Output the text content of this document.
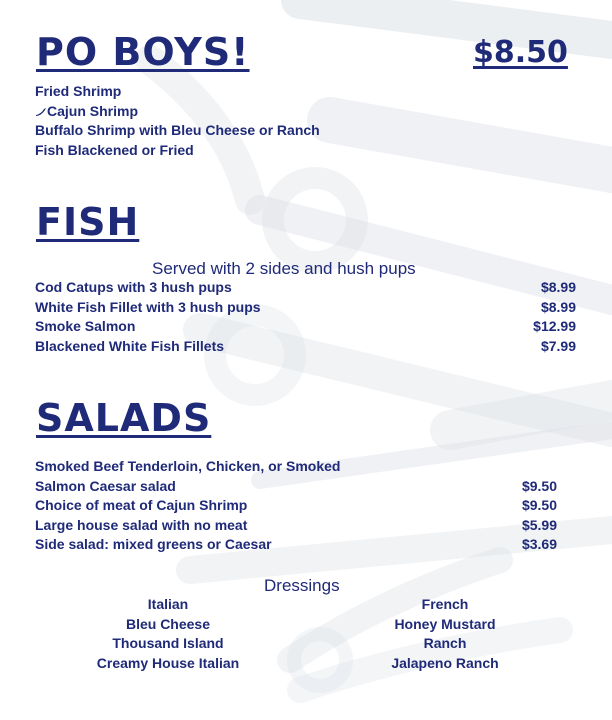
PO BOYS!	$8.50
Fried Shrimp
Cajun Shrimp
Buffalo Shrimp with Bleu Cheese or Ranch
Fish Blackened or Fried
FISH
Served with 2 sides and hush pups
Cod Catups with 3 hush pups	$8.99
White Fish Fillet with 3 hush pups	$8.99
Smoke Salmon	$12.99
Blackened White Fish Fillets	$7.99
SALADS
Smoked Beef Tenderloin, Chicken, or Smoked
Salmon Caesar salad	$9.50
Choice of meat of Cajun Shrimp	$9.50
Large house salad with no meat	$5.99
Side salad: mixed greens or Caesar	$3.69
Dressings
Italian
Bleu Cheese
Thousand Island
Creamy House Italian
French
Honey Mustard
Ranch
Jalapeno Ranch
